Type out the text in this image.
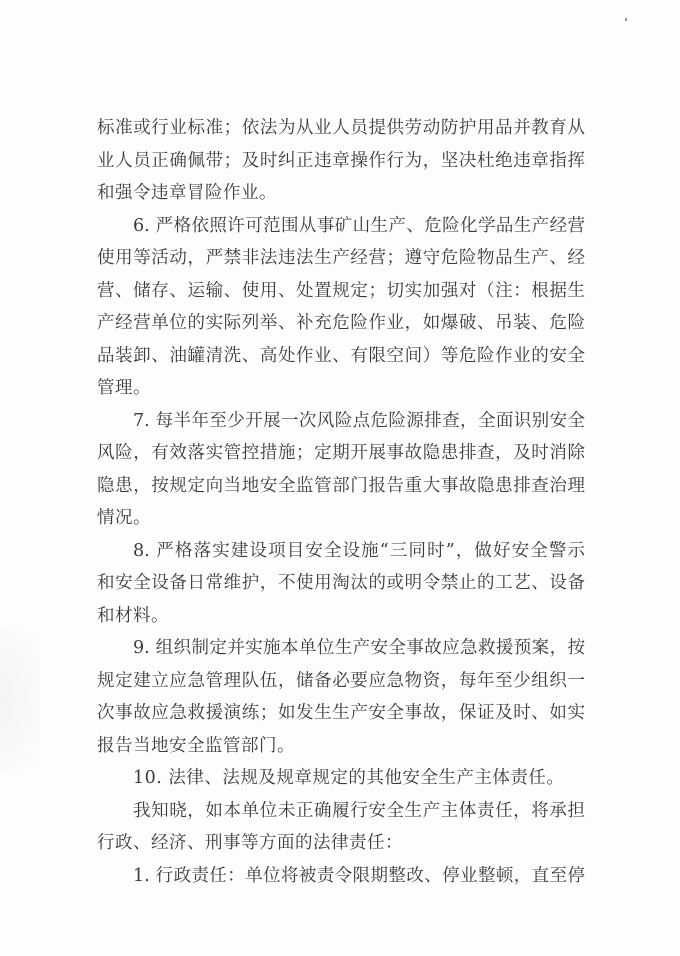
标准或行业标准；依法为从业人员提供劳动防护用品并教育从
业人员正确佩带；及时纠正违章操作行为，坚决杜绝违章指挥
和强令违章冒险作业。
6. 严格依照许可范围从事矿山生产、危险化学品生产经营
使用等活动，严禁非法违法生产经营；遵守危险物品生产、经
营、储存、运输、使用、处置规定；切实加强对（注：根据生
产经营单位的实际列举、补充危险作业，如爆破、吊装、危险
品装卸、油罐清洗、高处作业、有限空间）等危险作业的安全
管理。
7. 每半年至少开展一次风险点危险源排查，全面识别安全
风险，有效落实管控措施；定期开展事故隐患排查，及时消除
隐患，按规定向当地安全监管部门报告重大事故隐患排查治理
情况。
8. 严格落实建设项目安全设施“三同时”，做好安全警示
和安全设备日常维护，不使用淘汰的或明令禁止的工艺、设备
和材料。
9. 组织制定并实施本单位生产安全事故应急救援预案，按
规定建立应急管理队伍，储备必要应急物资，每年至少组织一
次事故应急救援演练；如发生生产安全事故，保证及时、如实
报告当地安全监管部门。
10. 法律、法规及规章规定的其他安全生产主体责任。
我知晓，如本单位未正确履行安全生产主体责任，将承担
行政、经济、刑事等方面的法律责任：
1. 行政责任：单位将被责令限期整改、停业整顿，直至停
